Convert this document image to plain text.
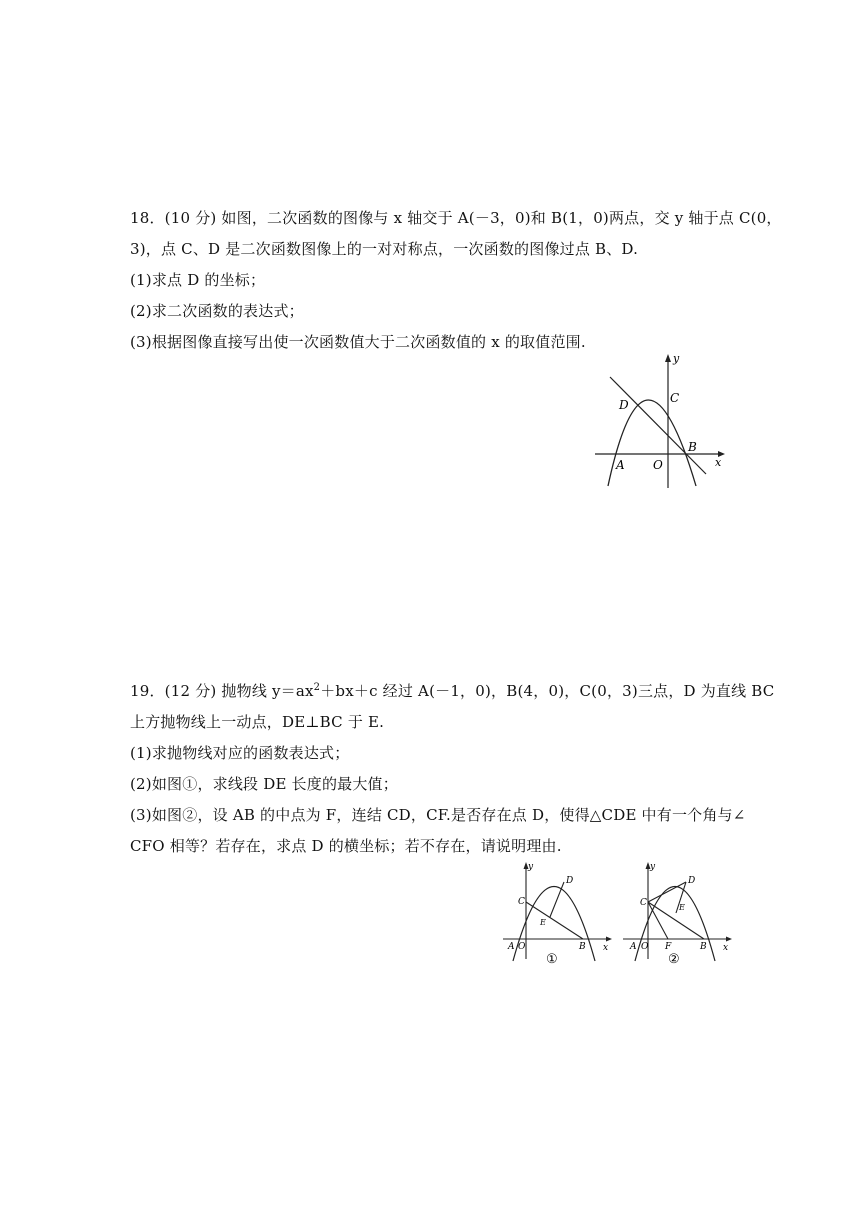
18．(10 分) 如图，二次函数的图像与 x 轴交于 A(－3，0)和 B(1，0)两点，交 y 轴于点 C(0，
3)，点 C、D 是二次函数图像上的一对对称点，一次函数的图像过点 B、D.
(1)求点 D 的坐标；
(2)求二次函数的表达式；
(3)根据图像直接写出使一次函数值大于二次函数值的 x 的取值范围.
y
x
D	C
B
A O
19．(12 分) 抛物线 $y=ax^2+bx+c$ 经过 A(－1，0)，B(4，0)，C(0，3)三点，D 为直线 BC
上方抛物线上一动点，DE⊥BC 于 E.
(1)求抛物线对应的函数表达式；
(2)如图①，求线段 DE 长度的最大值；
(3)如图②，设 AB 的中点为 F，连结 CD，CF.是否存在点 D，使得△CDE 中有一个角与∠
CFO 相等？若存在，求点 D 的横坐标；若不存在，请说明理由.
y
x
A O	B
C
D
E
①
y
x
A O F	B
C
D
E
②
